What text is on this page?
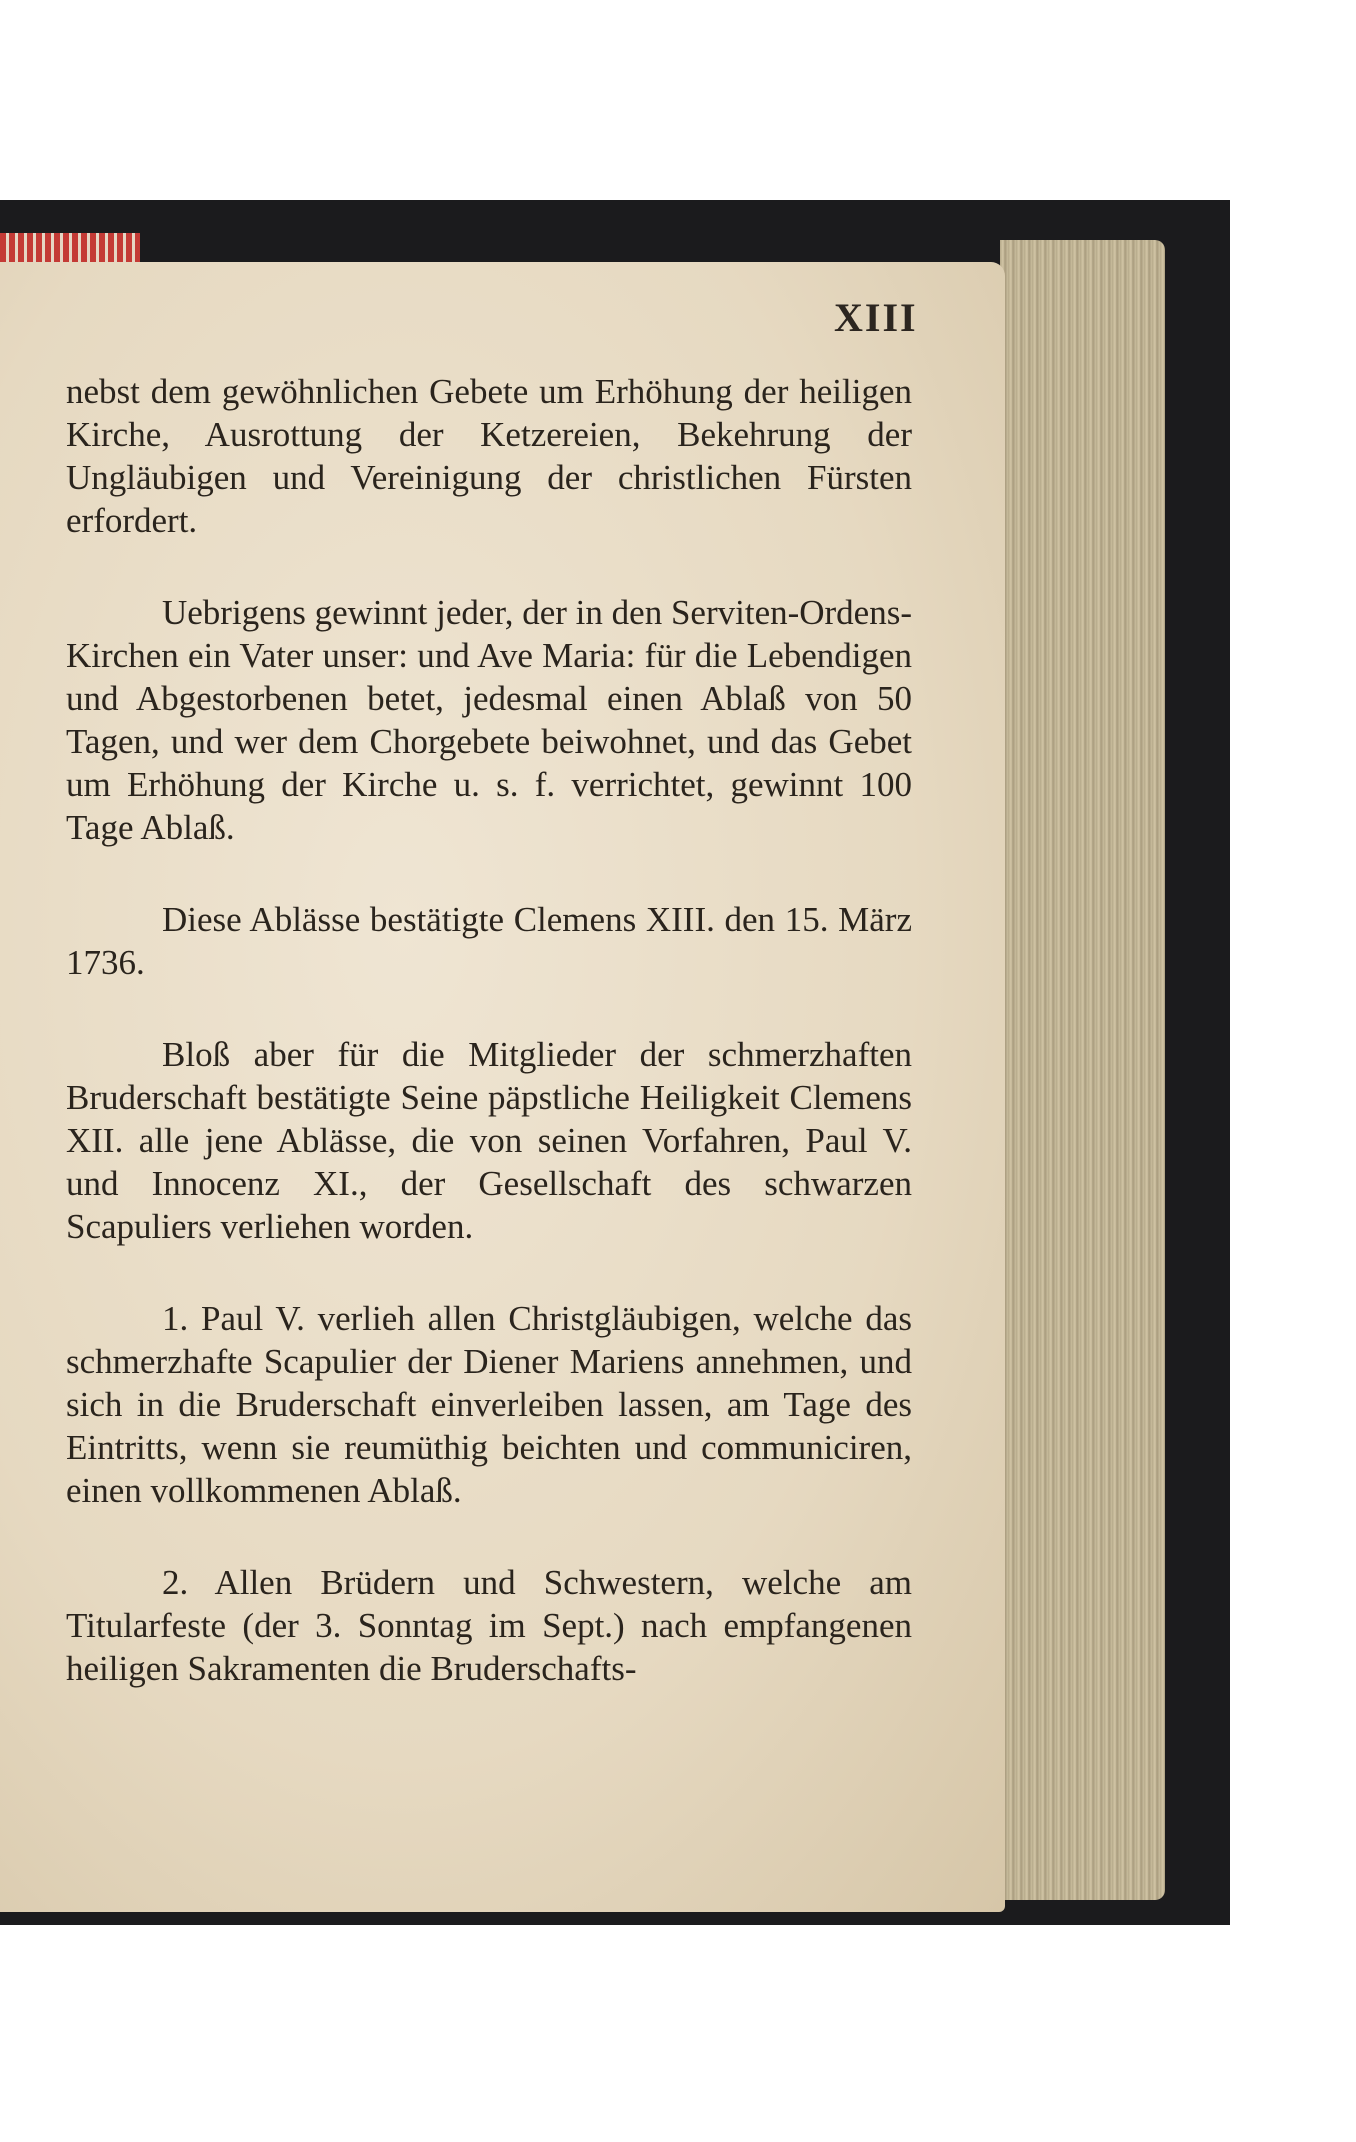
XIII

nebst dem gewöhnlichen Gebete um Erhöhung der heiligen Kirche, Ausrottung der Ketzereien, Bekehrung der Ungläubigen und Vereinigung der christlichen Fürsten erfordert.

Uebrigens gewinnt jeder, der in den Serviten-Ordens-Kirchen ein Vater unser: und Ave Maria: für die Lebendigen und Abgestorbenen betet, jedesmal einen Ablaß von 50 Tagen, und wer dem Chorgebete beiwohnet, und das Gebet um Erhöhung der Kirche u. s. f. verrichtet, gewinnt 100 Tage Ablaß.

Diese Ablässe bestätigte Clemens XIII. den 15. März 1736.

Bloß aber für die Mitglieder der schmerzhaften Bruderschaft bestätigte Seine päpstliche Heiligkeit Clemens XII. alle jene Ablässe, die von seinen Vorfahren, Paul V. und Innocenz XI., der Gesellschaft des schwarzen Scapuliers verliehen worden.

1. Paul V. verlieh allen Christgläubigen, welche das schmerzhafte Scapulier der Diener Mariens annehmen, und sich in die Bruderschaft einverleiben lassen, am Tage des Eintritts, wenn sie reumüthig beichten und communiciren, einen vollkommenen Ablaß.

2. Allen Brüdern und Schwestern, welche am Titularfeste (der 3. Sonntag im Sept.) nach empfangenen heiligen Sakramenten die Bruderschafts-
